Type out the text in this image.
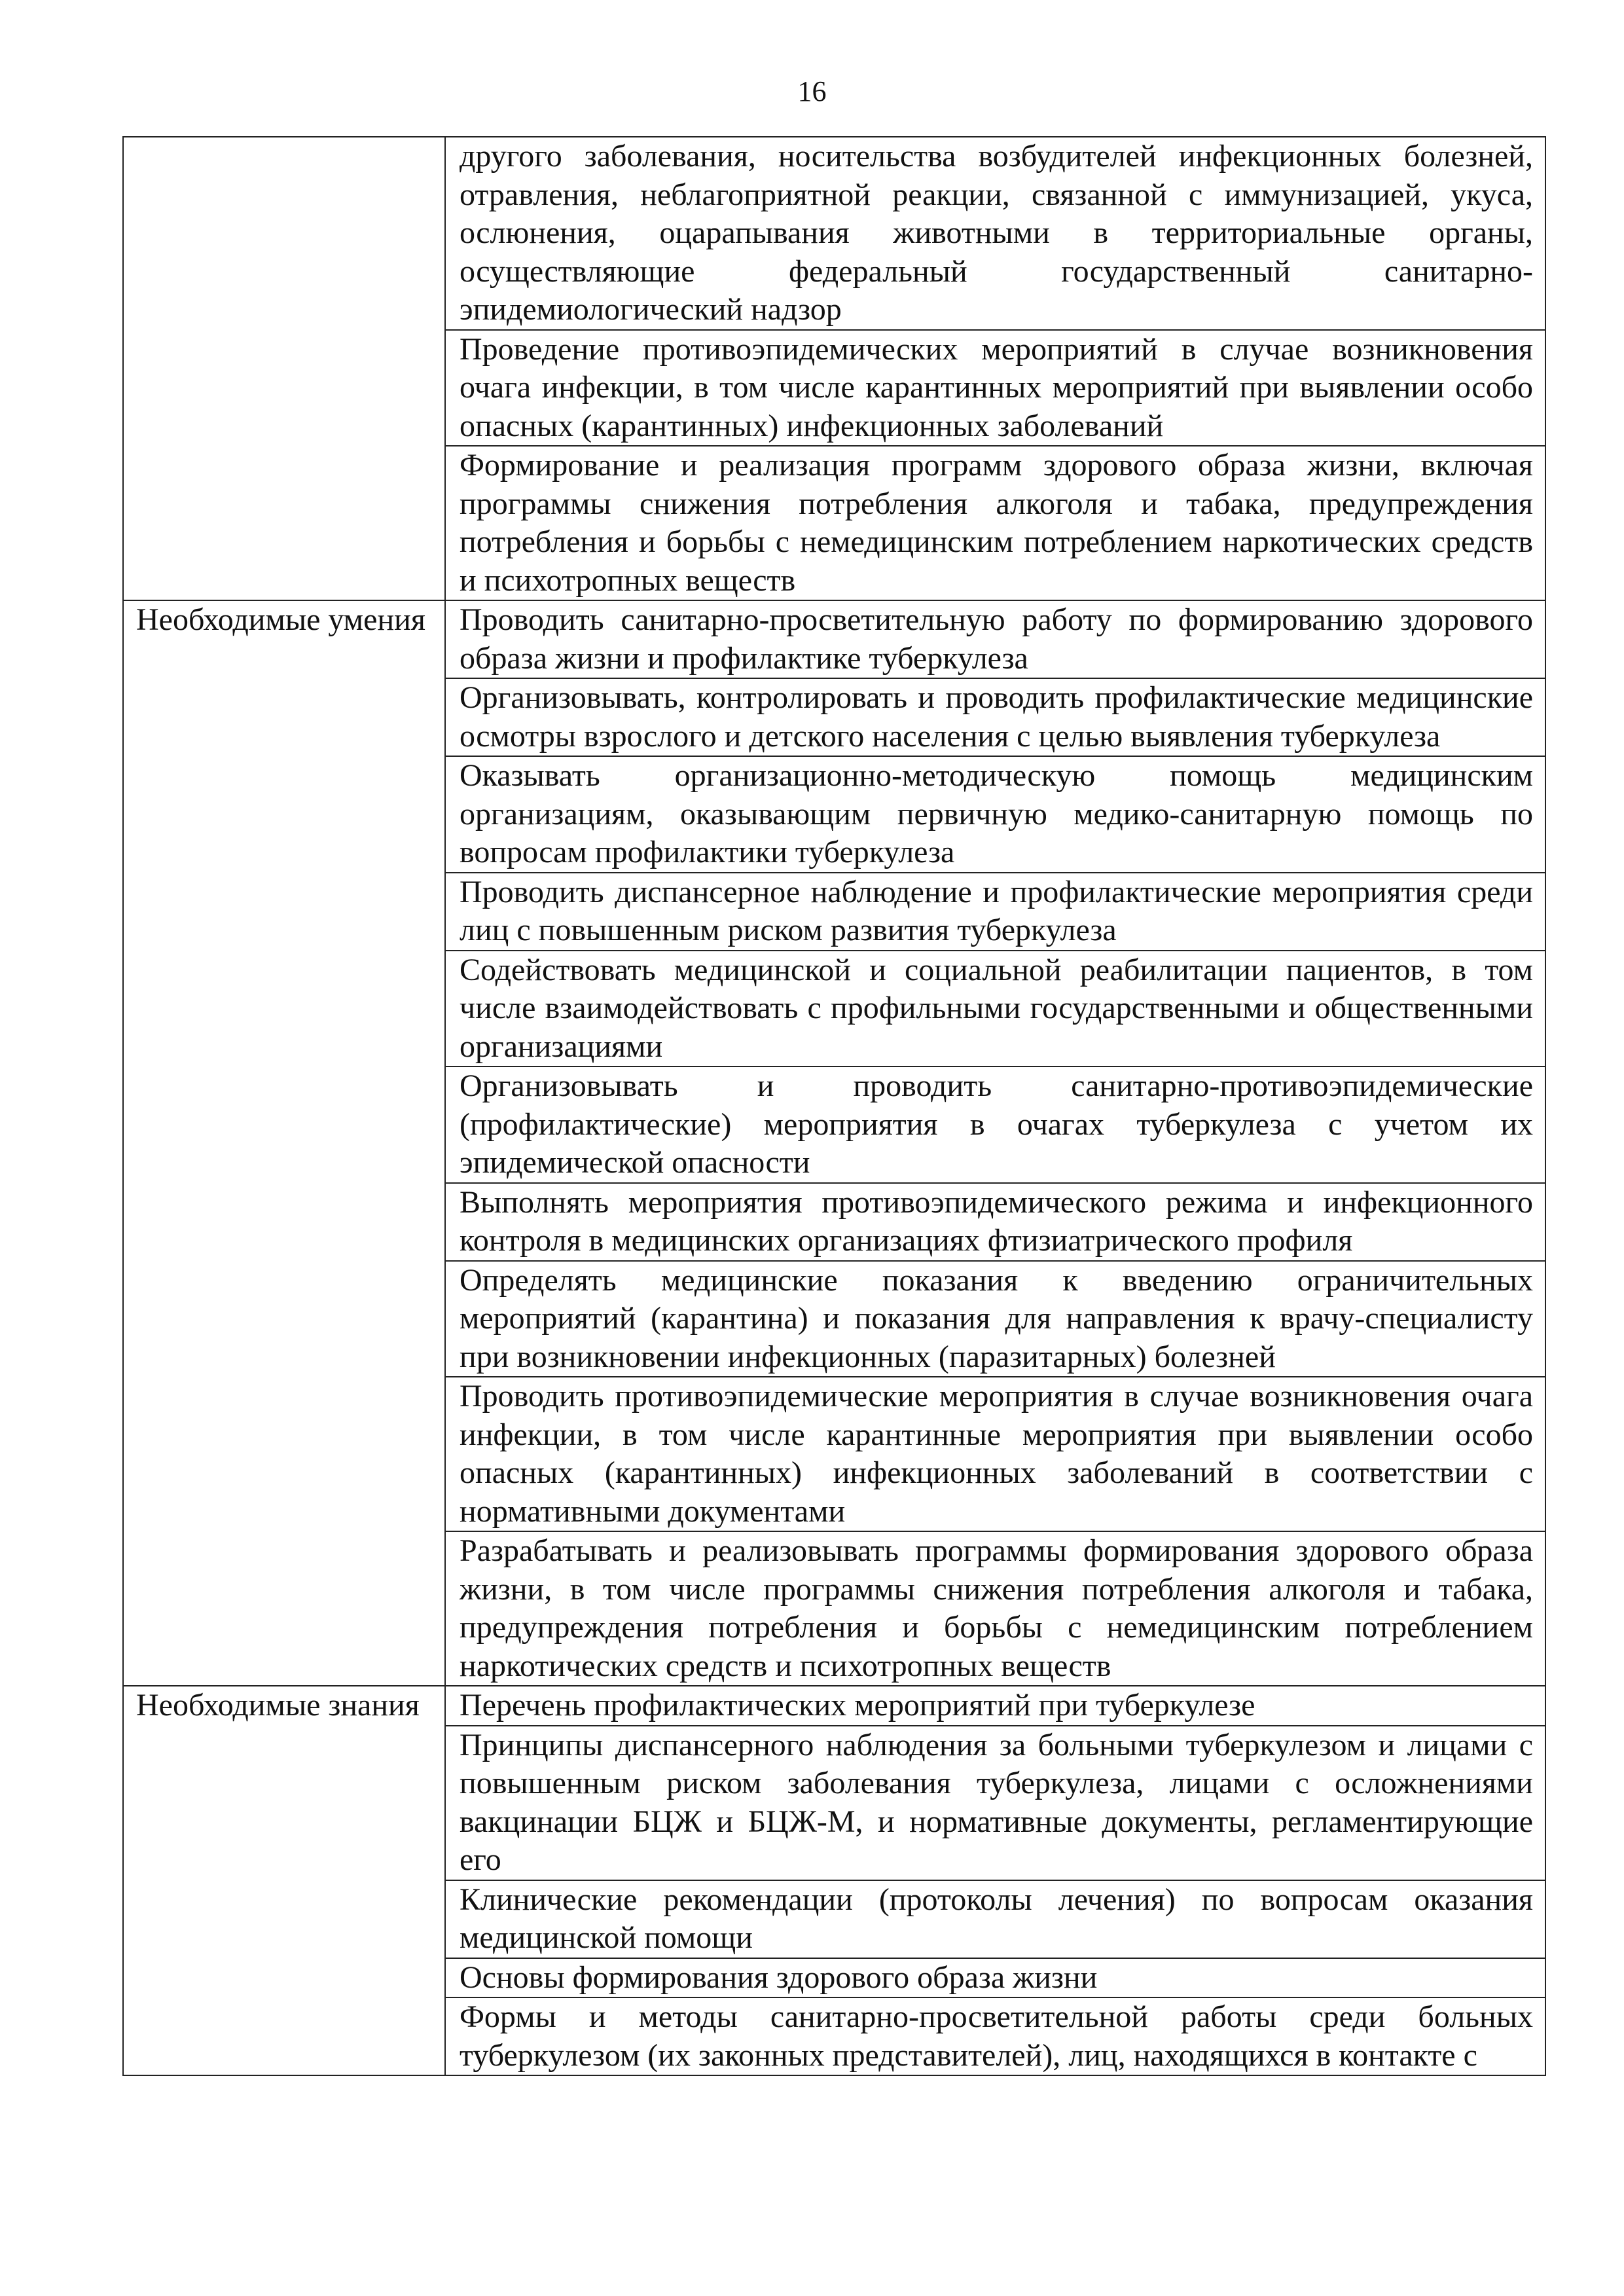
16
	другого заболевания, носительства возбудителей инфекционных болезней, отравления, неблагоприятной реакции, связанной с иммунизацией, укуса, ослюнения, оцарапывания животными в территориальные органы, осуществляющие федеральный государственный санитарно-эпидемиологический надзор
	Проведение противоэпидемических мероприятий в случае возникновения очага инфекции, в том числе карантинных мероприятий при выявлении особо опасных (карантинных) инфекционных заболеваний
	Формирование и реализация программ здорового образа жизни, включая программы снижения потребления алкоголя и табака, предупреждения потребления и борьбы с немедицинским потреблением наркотических средств и психотропных веществ
Необходимые умения	Проводить санитарно-просветительную работу по формированию здорового образа жизни и профилактике туберкулеза
	Организовывать, контролировать и проводить профилактические медицинские осмотры взрослого и детского населения с целью выявления туберкулеза
	Оказывать организационно-методическую помощь медицинским организациям, оказывающим первичную медико-санитарную помощь по вопросам профилактики туберкулеза
	Проводить диспансерное наблюдение и профилактические мероприятия среди лиц с повышенным риском развития туберкулеза
	Содействовать медицинской и социальной реабилитации пациентов, в том числе взаимодействовать с профильными государственными и общественными организациями
	Организовывать и проводить санитарно-противоэпидемические (профилактические) мероприятия в очагах туберкулеза с учетом их эпидемической опасности
	Выполнять мероприятия противоэпидемического режима и инфекционного контроля в медицинских организациях фтизиатрического профиля
	Определять медицинские показания к введению ограничительных мероприятий (карантина) и показания для направления к врачу-специалисту при возникновении инфекционных (паразитарных) болезней
	Проводить противоэпидемические мероприятия в случае возникновения очага инфекции, в том числе карантинные мероприятия при выявлении особо опасных (карантинных) инфекционных заболеваний в соответствии с нормативными документами
	Разрабатывать и реализовывать программы формирования здорового образа жизни, в том числе программы снижения потребления алкоголя и табака, предупреждения потребления и борьбы с немедицинским потреблением наркотических средств и психотропных веществ
Необходимые знания	Перечень профилактических мероприятий при туберкулезе
	Принципы диспансерного наблюдения за больными туберкулезом и лицами с повышенным риском заболевания туберкулеза, лицами с осложнениями вакцинации БЦЖ и БЦЖ-М, и нормативные документы, регламентирующие его
	Клинические рекомендации (протоколы лечения) по вопросам оказания медицинской помощи
	Основы формирования здорового образа жизни
	Формы и методы санитарно-просветительной работы среди больных туберкулезом (их законных представителей), лиц, находящихся в контакте с
